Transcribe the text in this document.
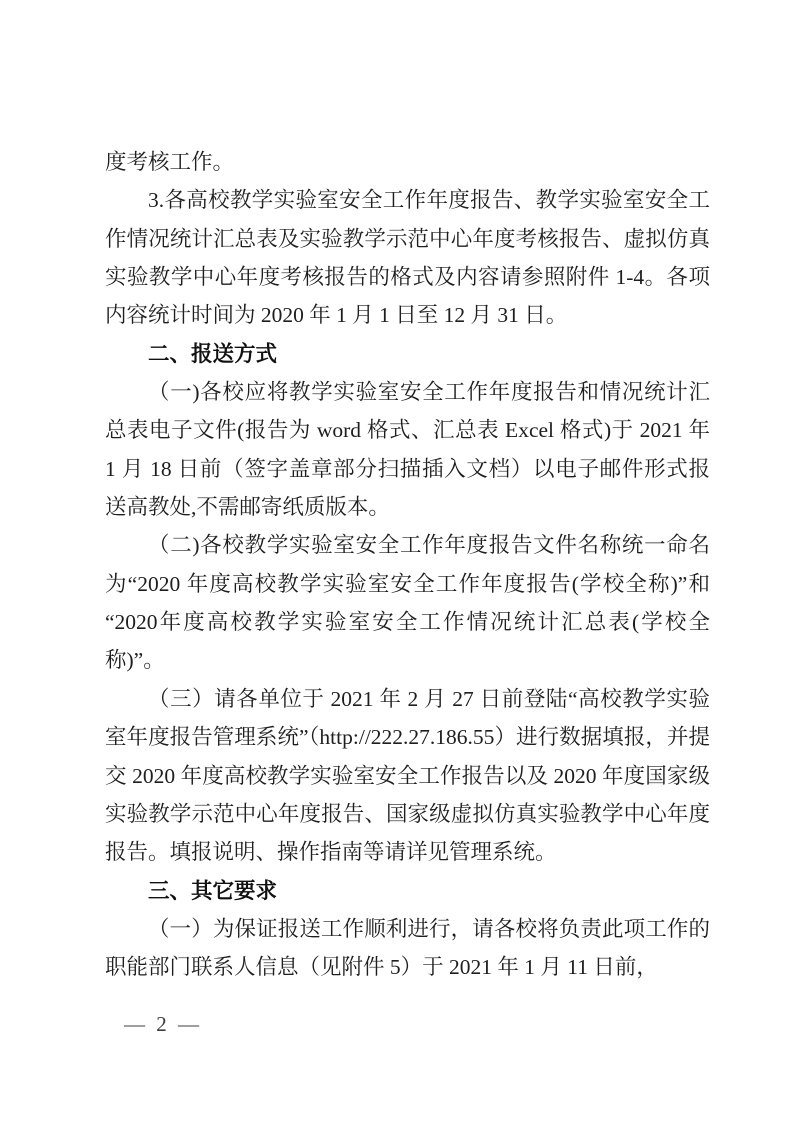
度考核工作。

3.各高校教学实验室安全工作年度报告、教学实验室安全工作情况统计汇总表及实验教学示范中心年度考核报告、虚拟仿真实验教学中心年度考核报告的格式及内容请参照附件 1-4。各项内容统计时间为 2020 年 1 月 1 日至 12 月 31 日。

二、报送方式

（一)各校应将教学实验室安全工作年度报告和情况统计汇总表电子文件(报告为 word 格式、汇总表 Excel 格式)于 2021 年 1 月 18 日前（签字盖章部分扫描插入文档）以电子邮件形式报送高教处,不需邮寄纸质版本。

（二)各校教学实验室安全工作年度报告文件名称统一命名为“2020 年度高校教学实验室安全工作年度报告(学校全称)”和“2020年度高校教学实验室安全工作情况统计汇总表(学校全称)”。

（三）请各单位于 2021 年 2 月 27 日前登陆“高校教学实验室年度报告管理系统”（http://222.27.186.55）进行数据填报，并提交 2020 年度高校教学实验室安全工作报告以及 2020 年度国家级实验教学示范中心年度报告、国家级虚拟仿真实验教学中心年度报告。填报说明、操作指南等请详见管理系统。

三、其它要求

（一）为保证报送工作顺利进行，请各校将负责此项工作的职能部门联系人信息（见附件 5）于 2021 年 1 月 11 日前，

— 2 —
